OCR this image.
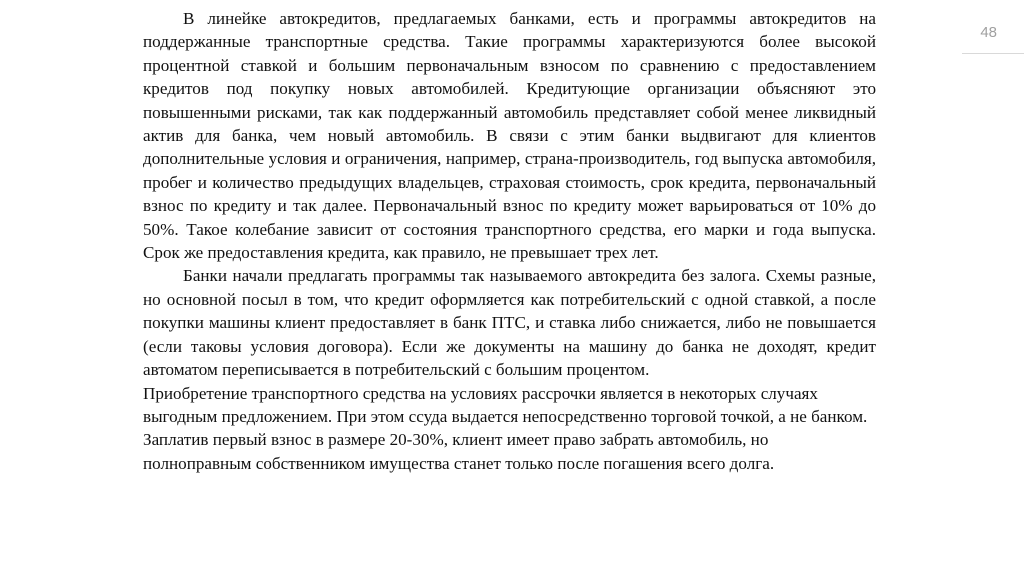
48

В линейке автокредитов, предлагаемых банками, есть и программы автокредитов на поддержанные транспортные средства. Такие программы характеризуются более высокой процентной ставкой и большим первоначальным взносом по сравнению с предоставлением кредитов под покупку новых автомобилей. Кредитующие организации объясняют это повышенными рисками, так как поддержанный автомобиль представляет собой менее ликвидный актив для банка, чем новый автомобиль. В связи с этим банки выдвигают для клиентов дополнительные условия и ограничения, например, страна-производитель, год выпуска автомобиля, пробег и количество предыдущих владельцев, страховая стоимость, срок кредита, первоначальный взнос по кредиту и так далее. Первоначальный взнос по кредиту может варьироваться от 10% до 50%. Такое колебание зависит от состояния транспортного средства, его марки и года выпуска. Срок же предоставления кредита, как правило, не превышает трех лет.

Банки начали предлагать программы так называемого автокредита без залога. Схемы разные, но основной посыл в том, что кредит оформляется как потребительский с одной ставкой, а после покупки машины клиент предоставляет в банк ПТС, и ставка либо снижается, либо не повышается (если таковы условия договора). Если же документы на машину до банка не доходят, кредит автоматом переписывается в потребительский с большим процентом.

Приобретение транспортного средства на условиях рассрочки является в некоторых случаях выгодным предложением. При этом ссуда выдается непосредственно торговой точкой, а не банком. Заплатив первый взнос в размере 20-30%, клиент имеет право забрать автомобиль, но полноправным собственником имущества станет только после погашения всего долга.
